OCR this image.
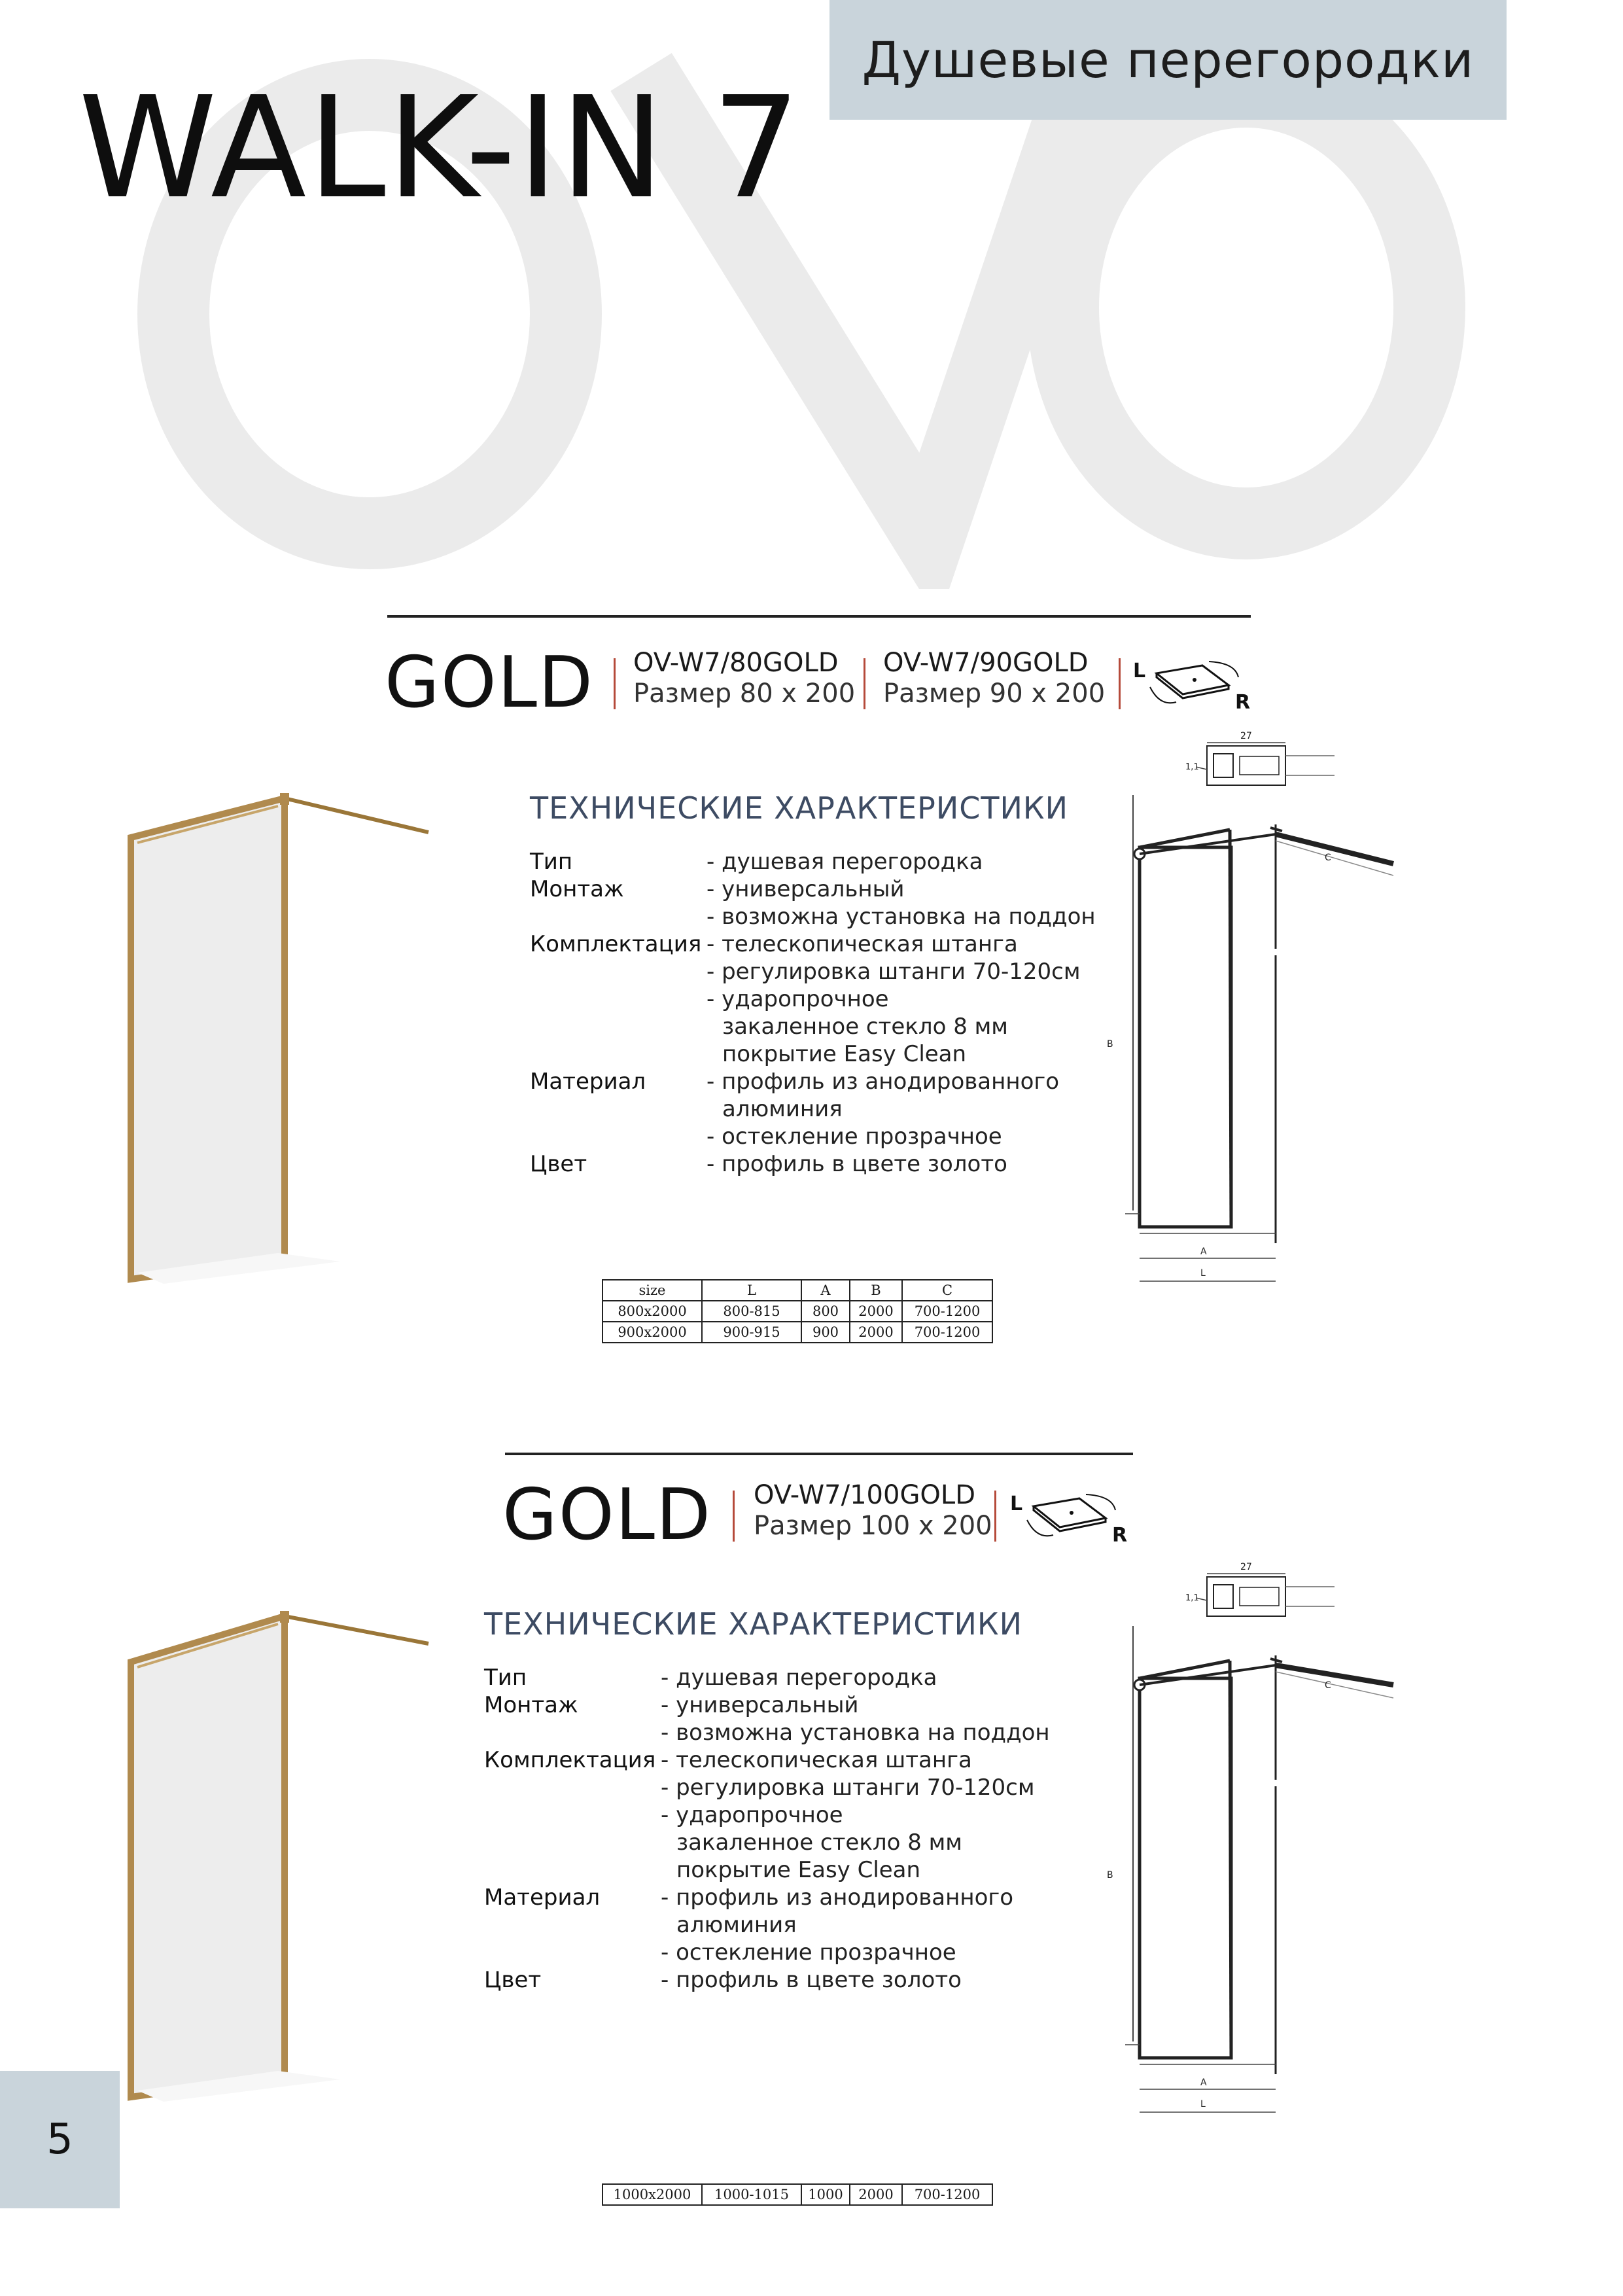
Душевые перегородки
WALK-IN 7
GOLD OV-W7/80GOLD
Размер 80 х 200
OV-W7/90GOLD
Размер 90 х 200
L
R
ТЕХНИЧЕСКИЕ ХАРАКТЕРИСТИКИ
Тип	- душевая перегородка
Монтаж	- универсальный
- возможна установка на поддон
Комплектация - телескопическая штанга
- регулировка штанги 70-120см
- ударопрочное
закаленное стекло 8 мм
покрытие Easy Clean
Материал	- профиль из анодированного
алюминия
- остекление прозрачное
Цвет	- профиль в цвете золото
27
1,1
C
B
A
L
size	L	A	B	C
800x2000	800-815	800	2000	700-1200
900x2000	900-915	900	2000	700-1200
GOLD OV-W7/100GOLD
Размер 100 х 200
L
R
ТЕХНИЧЕСКИЕ ХАРАКТЕРИСТИКИ
Тип	- душевая перегородка
Монтаж	- универсальный
- возможна установка на поддон
Комплектация - телескопическая штанга
- регулировка штанги 70-120см
- ударопрочное
закаленное стекло 8 мм
покрытие Easy Clean
Материал	- профиль из анодированного
алюминия
- остекление прозрачное
Цвет	- профиль в цвете золото
27
1,1
C
B
A
L
1000x2000	1000-1015	1000	2000	700-1200
5
